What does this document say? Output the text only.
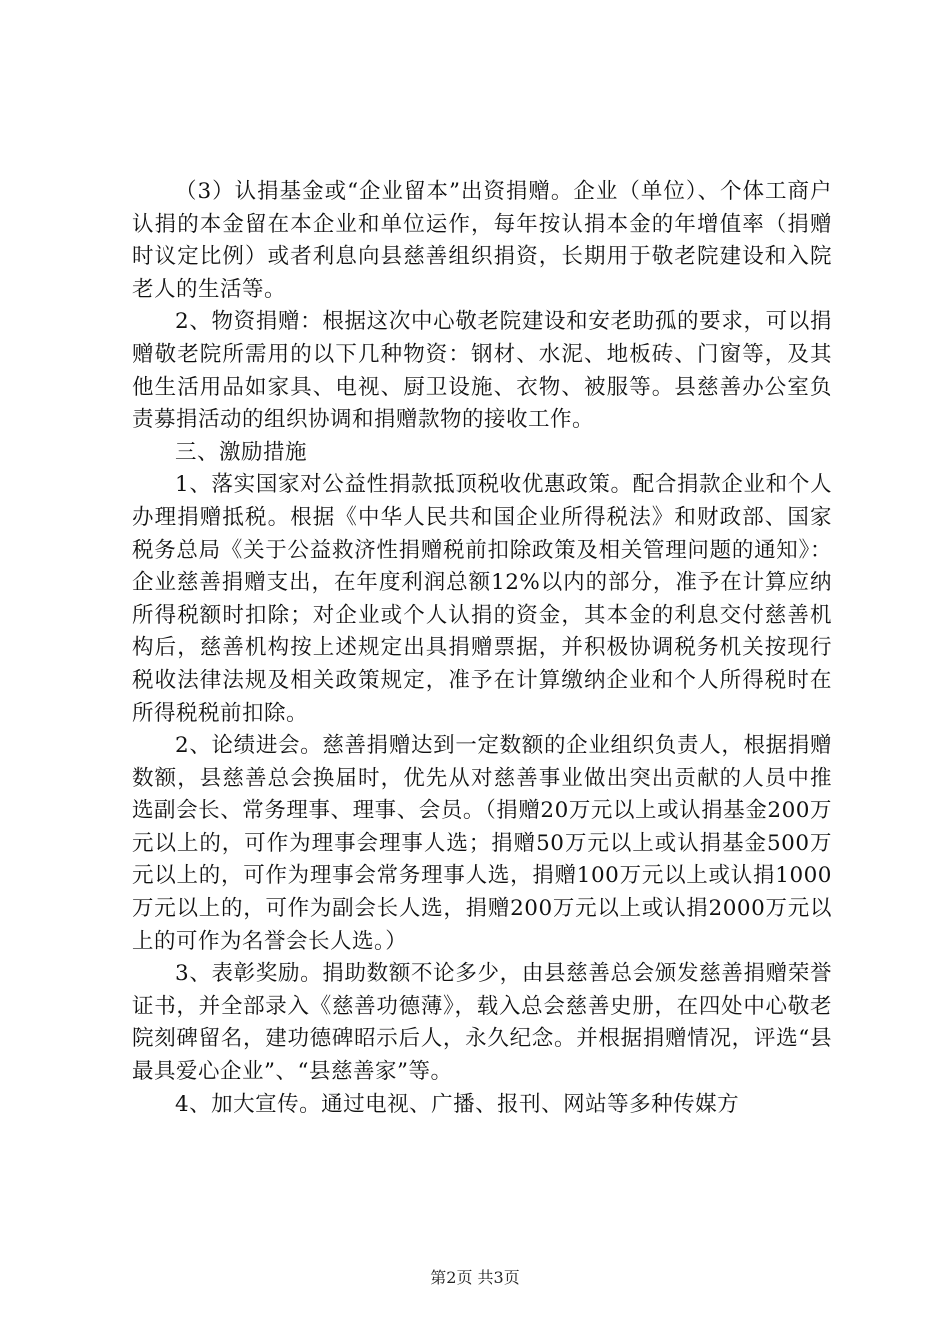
（3）认捐基金或“企业留本”出资捐赠。企业（单位）、个体工商户认捐的本金留在本企业和单位运作，每年按认捐本金的年增值率（捐赠时议定比例）或者利息向县慈善组织捐资，长期用于敬老院建设和入院老人的生活等。

2、物资捐赠：根据这次中心敬老院建设和安老助孤的要求，可以捐赠敬老院所需用的以下几种物资：钢材、水泥、地板砖、门窗等，及其他生活用品如家具、电视、厨卫设施、衣物、被服等。县慈善办公室负责募捐活动的组织协调和捐赠款物的接收工作。

三、激励措施

1、落实国家对公益性捐款抵顶税收优惠政策。配合捐款企业和个人办理捐赠抵税。根据《中华人民共和国企业所得税法》和财政部、国家税务总局《关于公益救济性捐赠税前扣除政策及相关管理问题的通知》：企业慈善捐赠支出，在年度利润总额12%以内的部分，准予在计算应纳所得税额时扣除；对企业或个人认捐的资金，其本金的利息交付慈善机构后，慈善机构按上述规定出具捐赠票据，并积极协调税务机关按现行税收法律法规及相关政策规定，准予在计算缴纳企业和个人所得税时在所得税税前扣除。

2、论绩进会。慈善捐赠达到一定数额的企业组织负责人，根据捐赠数额，县慈善总会换届时，优先从对慈善事业做出突出贡献的人员中推选副会长、常务理事、理事、会员。（捐赠20万元以上或认捐基金200万元以上的，可作为理事会理事人选；捐赠50万元以上或认捐基金500万元以上的，可作为理事会常务理事人选，捐赠100万元以上或认捐1000万元以上的，可作为副会长人选，捐赠200万元以上或认捐2000万元以上的可作为名誉会长人选。）

3、表彰奖励。捐助数额不论多少，由县慈善总会颁发慈善捐赠荣誉证书，并全部录入《慈善功德薄》，载入总会慈善史册，在四处中心敬老院刻碑留名，建功德碑昭示后人，永久纪念。并根据捐赠情况，评选“县最具爱心企业”、“县慈善家”等。

4、加大宣传。通过电视、广播、报刊、网站等多种传媒方

第2页 共3页
